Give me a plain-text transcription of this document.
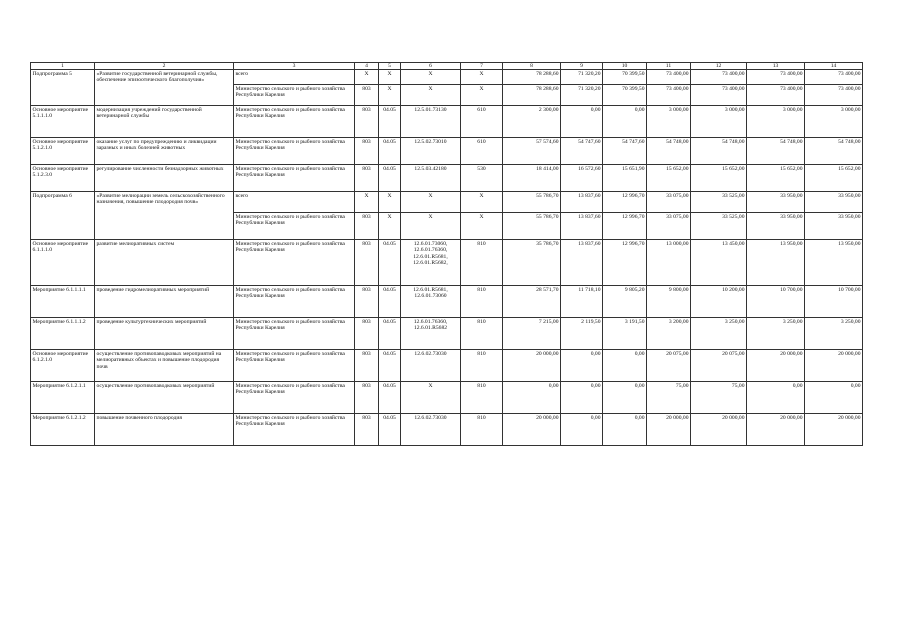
1	2	3	4	5	6	7	8	9	10	11	12	13	14
Подпрограмма 5	«Развитие государственной ветеринарной службы, обеспечение эпизоотического благополучия»	всего	X	X	X	X	78 288,60	71 320,20	70 399,50	73 400,00	73 400,00	73 400,00	73 400,00
		Министерство сельского и рыбного хозяйства Республики Карелия	803	X	X	X	78 288,60	71 320,20	70 399,50	73 400,00	73 400,00	73 400,00	73 400,00
Основное мероприятие 5.1.1.1.0	модернизация учреждений государственной ветеринарной службы	Министерство сельского и рыбного хозяйства Республики Карелия	803	04.05	12.5.01.73130	610	2 300,00	0,00	0,00	3 000,00	3 000,00	3 000,00	3 000,00
Основное мероприятие 5.1.2.1.0	оказание услуг по предупреждению и ликвидации заразных и иных болезней животных	Министерство сельского и рыбного хозяйства Республики Карелия	803	04.05	12.5.02.73010	610	57 574,60	54 747,60	54 747,60	54 748,00	54 748,00	54 748,00	54 748,00
Основное мероприятие 5.1.2.3.0	регулирование численности безнадзорных животных	Министерство сельского и рыбного хозяйства Республики Карелия	803	04.05	12.5.03.42180	530	18 414,00	16 572,60	15 651,90	15 652,00	15 652,00	15 652,00	15 652,00
Подпрограмма 6	«Развитие мелиорации земель сельскохозяйственного назначения, повышение плодородия почв»	всего	X	X	X	X	55 786,70	13 837,60	12 996,70	33 075,00	33 525,00	33 950,00	33 950,00
		Министерство сельского и рыбного хозяйства Республики Карелия	803	X	X	X	55 786,70	13 837,60	12 996,70	33 075,00	33 525,00	33 950,00	33 950,00
Основное мероприятие 6.1.1.1.0	развитие мелиоративных систем	Министерство сельского и рыбного хозяйства Республики Карелия	803	04.05	12.6.01.73060, 12.6.01.76360, 12.6.01.R5681, 12.6.01.R5682,	810	35 786,70	13 837,60	12 996,70	13 000,00	13 450,00	13 950,00	13 950,00
Мероприятие 6.1.1.1.1	проведение гидромелиоративных мероприятий	Министерство сельского и рыбного хозяйства Республики Карелия	803	04.05	12.6.01.R5681, 12.6.01.73060	810	28 571,70	11 718,10	9 805,20	9 800,00	10 200,00	10 700,00	10 700,00
Мероприятие 6.1.1.1.2	проведение культуртехнических мероприятий	Министерство сельского и рыбного хозяйства Республики Карелия	803	04.05	12.6.01.76360, 12.6.01.R5682	810	7 215,00	2 119,50	3 191,50	3 200,00	3 250,00	3 250,00	3 250,00
Основное мероприятие 6.1.2.1.0	осуществление противопаводковых мероприятий на мелиоративных объектах и повышение плодородия почв	Министерство сельского и рыбного хозяйства Республики Карелия	803	04.05	12.6.02.73030	810	20 000,00	0,00	0,00	20 075,00	20 075,00	20 000,00	20 000,00
Мероприятие 6.1.2.1.1	осуществление противопаводковых мероприятий	Министерство сельского и рыбного хозяйства Республики Карелия	803	04.05	X	810	0,00	0,00	0,00	75,00	75,00	0,00	0,00
Мероприятие 6.1.2.1.2	повышение почвенного плодородия	Министерство сельского и рыбного хозяйства Республики Карелия	803	04.05	12.6.02.73030	810	20 000,00	0,00	0,00	20 000,00	20 000,00	20 000,00	20 000,00
